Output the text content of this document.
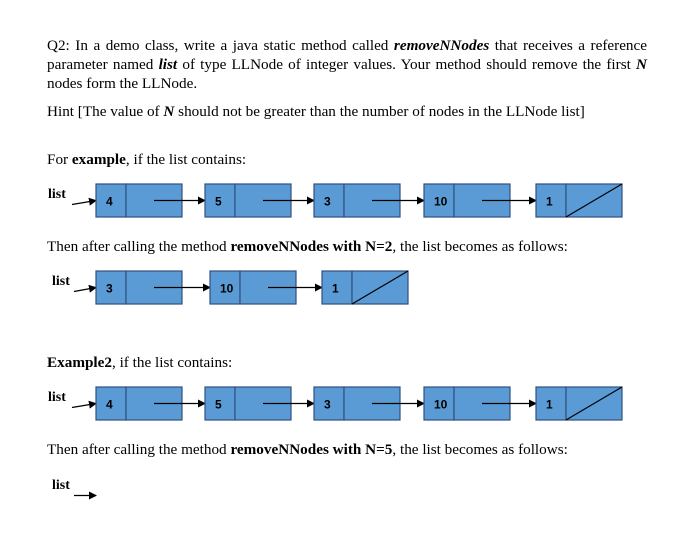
Q2: In a demo class, write a java static method called removeNNodes that receives a reference parameter named list of type LLNode of integer values. Your method should remove the first N nodes form the LLNode.

Hint [The value of N should not be greater than the number of nodes in the LLNode list]

For example, if the list contains:

Then after calling the method removeNNodes with N=2, the list becomes as follows:

Example2, if the list contains:

Then after calling the method removeNNodes with N=5, the list becomes as follows:

list	4	5	3	10	1
list	3	10	1
list	4	5	3	10	1
list
